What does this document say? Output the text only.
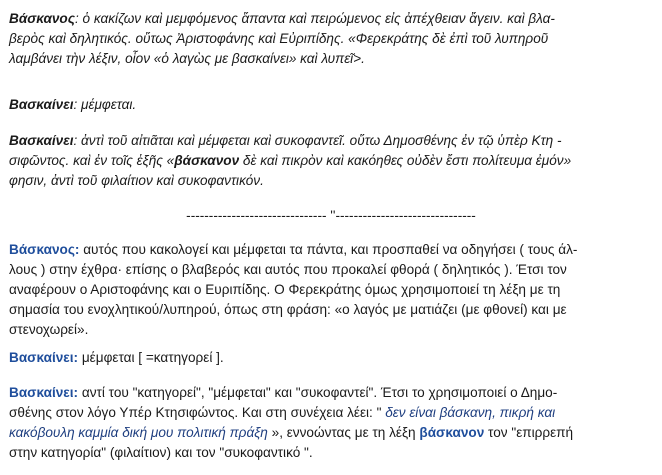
Βάσκανος: ὁ κακίζων καὶ μεμφόμενος ἅπαντα καὶ πειρώμενος εἰς ἀπέχθειαν ἄγειν. καὶ βλα-
βερὸς καὶ δηλητικός. οὕτως Ἀριστοφάνης καὶ Εὐριπίδης. «Φερεκράτης δὲ ἐπὶ τοῦ λυπηροῦ
λαμβάνει τὴν λέξιν, οἷον «ὁ λαγὼς με βασκαίνει» καὶ λυπεῖ>.

Βασκαίνει: μέμφεται.

Βασκαίνει: ἀντὶ τοῦ αἰτιᾶται καὶ μέμφεται καὶ συκοφαντεῖ. οὕτω Δημοσθένης ἐν τῷ ὑπὲρ Κτη -
σιφῶντος. καὶ ἐν τοῖς ἑξῆς «βάσκανον δὲ καὶ πικρὸν καὶ κακόηθες οὐδὲν ἔστι πολίτευμα ἐμόν»
φησιν, ἀντὶ τοῦ φιλαίτιον καὶ συκοφαντικόν.

------------------------------- ''-------------------------------

Βάσκανος: αυτός που κακολογεί και μέμφεται τα πάντα, και προσπαθεί να οδηγήσει ( τους άλ-
λους ) στην έχθρα· επίσης ο βλαβερός και αυτός που προκαλεί φθορά ( δηλητικός ). Έτσι τον
αναφέρουν ο Αριστοφάνης και ο Ευριπίδης. Ο Φερεκράτης όμως χρησιμοποιεί τη λέξη με τη
σημασία του ενοχλητικού/λυπηρού, όπως στη φράση: «ο λαγός με ματιάζει (με φθονεί) και με
στενοχωρεί».

Βασκαίνει: μέμφεται [ =κατηγορεί ].

Βασκαίνει: αντί του "κατηγορεί", "μέμφεται" και "συκοφαντεί". Έτσι το χρησιμοποιεί ο Δημο-
σθένης στον λόγο Υπέρ Κτησιφώντος. Και στη συνέχεια λέει: " δεν είναι βάσκανη, πικρή και
κακόβουλη καμμία δική μου πολιτική πράξη », εννοώντας με τη λέξη βάσκανον τον "επιρρεπή
στην κατηγορία" (φιλαίτιον) και τον "συκοφαντικό ".
